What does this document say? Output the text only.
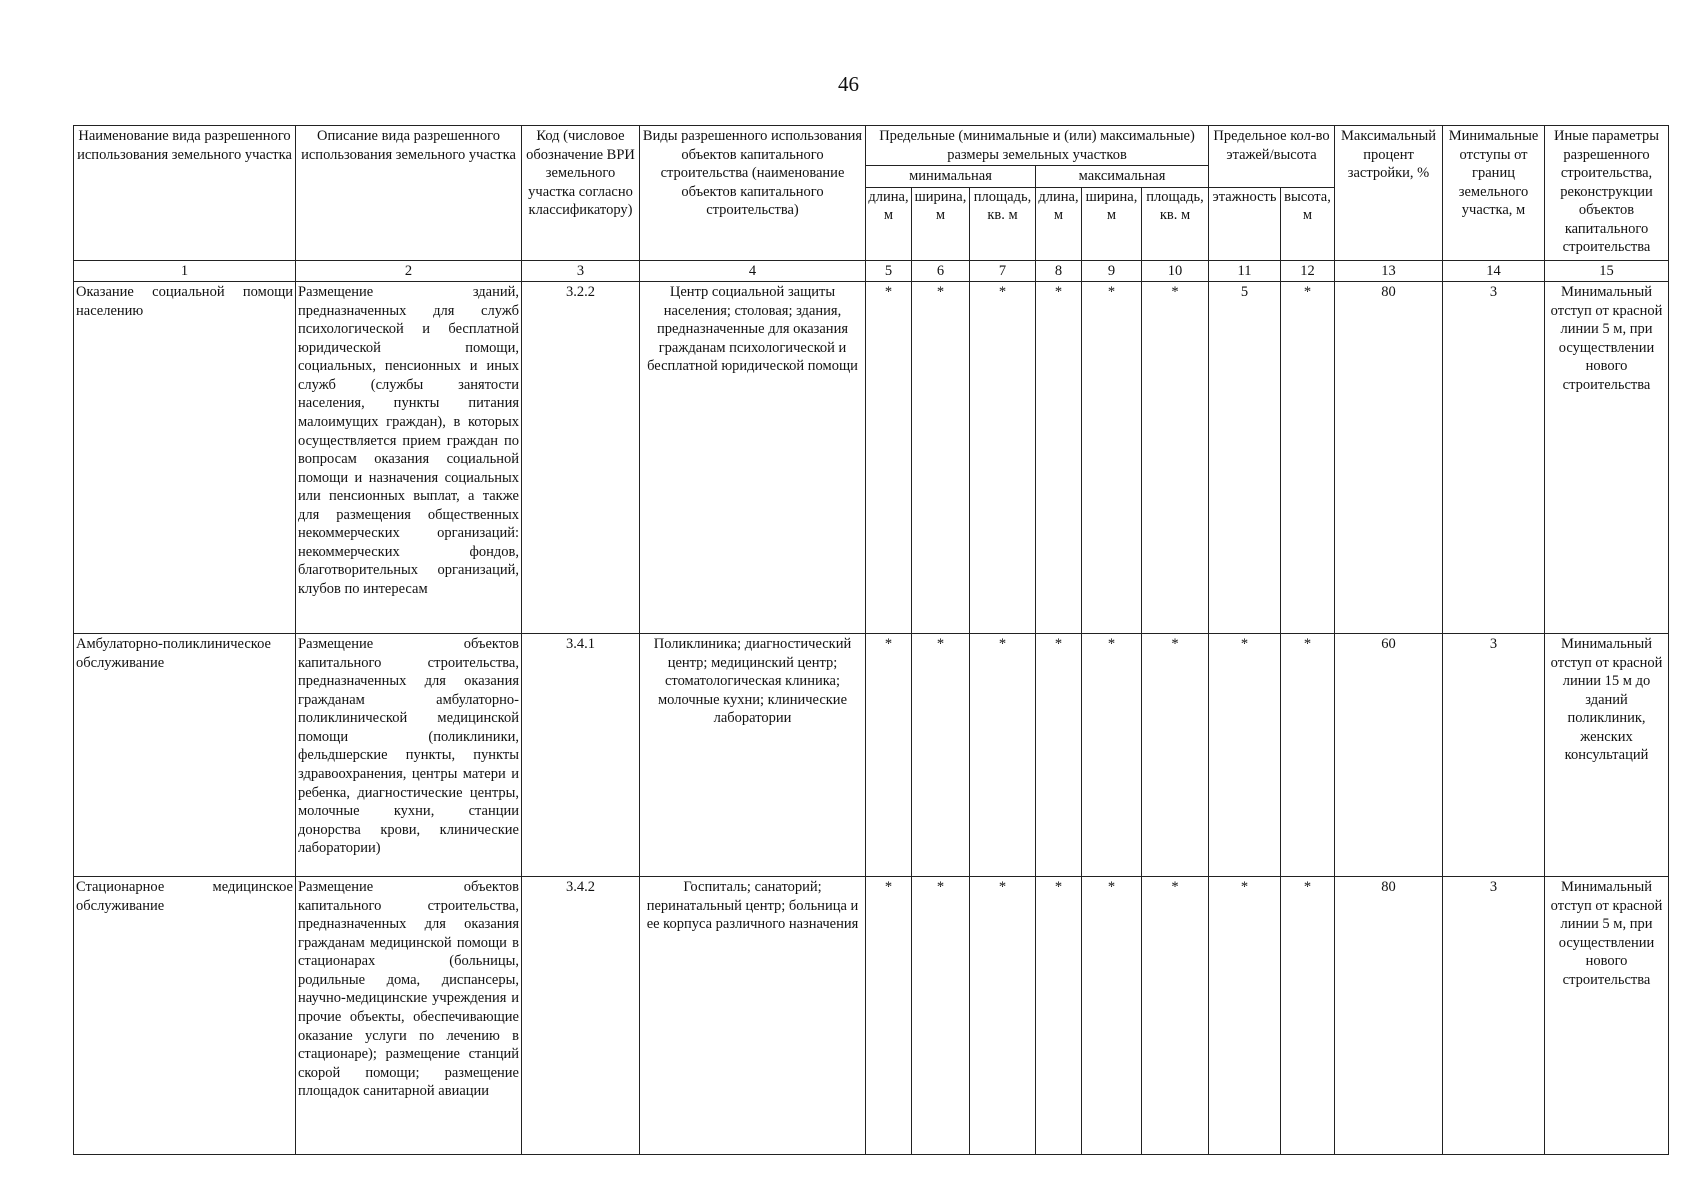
46
Наименование вида разрешенного использования земельного участка	Описание вида разрешенного использования земельного участка	Код (числовое обозначение ВРИ земельного участка согласно классификатору)	Виды разрешенного использования объектов капитального строительства (наименование объектов капитального строительства)	Предельные (минимальные и (или) максимальные) размеры земельных участков						Предельное кол-во этажей/высота		Максимальный процент застройки, %	Минимальные отступы от границ земельного участка, м	Иные параметры разрешенного строительства, реконструкции объектов капитального строительства
				минимальная			максимальная							
				длина, м	ширина, м	площадь, кв. м	длина, м	ширина, м	площадь, кв. м	этажность	высота, м			
1	2	3	4	5	6	7	8	9	10	11	12	13	14	15
Оказание социальной помощи населению	Размещение зданий, предназначенных для служб психологической и бесплатной юридической помощи, социальных, пенсионных и иных служб (службы занятости населения, пункты питания малоимущих граждан), в которых осуществляется прием граждан по вопросам оказания социальной помощи и назначения социальных или пенсионных выплат, а также для размещения общественных некоммерческих организаций: некоммерческих фондов, благотворительных организаций, клубов по интересам	3.2.2	Центр социальной защиты населения; столовая; здания, предназначенные для оказания гражданам психологической и бесплатной юридической помощи	*	*	*	*	*	*	5	*	80	3	Минимальный отступ от красной линии 5 м, при осуществлении нового строительства
Амбулаторно-поликлиническое обслуживание	Размещение объектов капитального строительства, предназначенных для оказания гражданам амбулаторно-поликлинической медицинской помощи (поликлиники, фельдшерские пункты, пункты здравоохранения, центры матери и ребенка, диагностические центры, молочные кухни, станции донорства крови, клинические лаборатории)	3.4.1	Поликлиника; диагностический центр; медицинский центр; стоматологическая клиника; молочные кухни; клинические лаборатории	*	*	*	*	*	*	*	*	60	3	Минимальный отступ от красной линии 15 м до зданий поликлиник, женских консультаций
Стационарное медицинское обслуживание	Размещение объектов капитального строительства, предназначенных для оказания гражданам медицинской помощи в стационарах (больницы, родильные дома, диспансеры, научно-медицинские учреждения и прочие объекты, обеспечивающие оказание услуги по лечению в стационаре); размещение станций скорой помощи; размещение площадок санитарной авиации	3.4.2	Госпиталь; санаторий; перинатальный центр; больница и ее корпуса различного назначения	*	*	*	*	*	*	*	*	80	3	Минимальный отступ от красной линии 5 м, при осуществлении нового строительства
